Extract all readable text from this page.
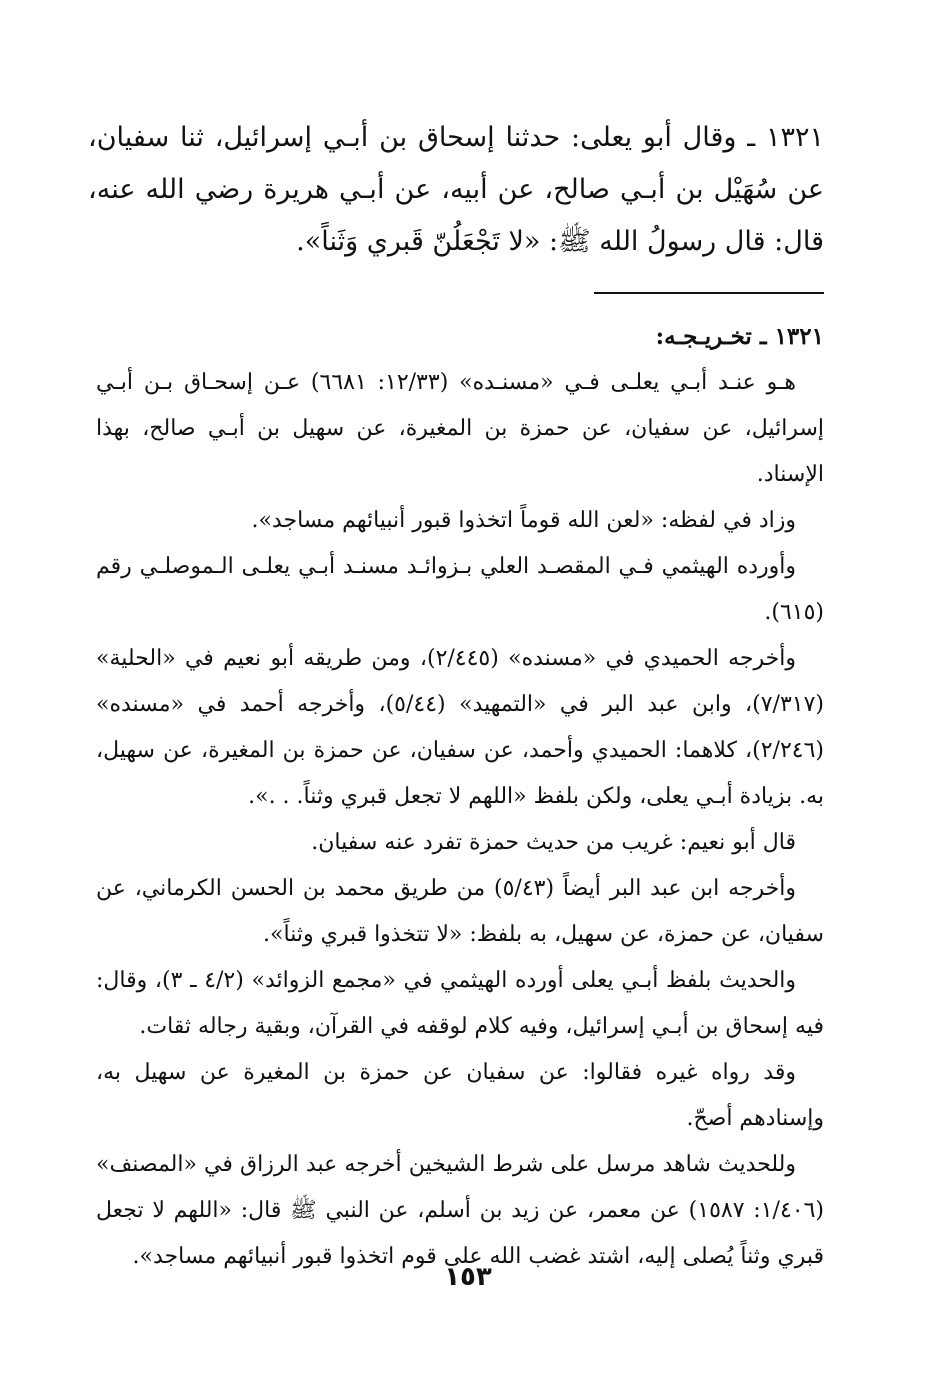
١٣٢١ ـ وقال أبو يعلى: حدثنا إسحاق بن أبـي إسرائيل، ثنا سفيان، عن سُهَيْل بن أبـي صالح، عن أبيه، عن أبـي هريرة رضي الله عنه، قال: قال رسولُ الله ﷺ: «لا تَجْعَلُنّ قَبري وَثَناً».

١٣٢١ ـ تخـريـجـه:

هـو عنـد أبـي يعلـى فـي «مسنـده» (١٢/٣٣: ٦٦٨١) عـن إسحـاق بـن أبـي إسرائيل، عن سفيان، عن حمزة بن المغيرة، عن سهيل بن أبـي صالح، بهذا الإسناد.

وزاد في لفظه: «لعن الله قوماً اتخذوا قبور أنبيائهم مساجد».

وأورده الهيثمي فـي المقصـد العلي بـزوائـد مسنـد أبـي يعلـى الـموصلـي رقم (٦١٥).

وأخرجه الحميدي في «مسنده» (٢/٤٤٥)، ومن طريقه أبو نعيم في «الحلية» (٧/٣١٧)، وابن عبد البر في «التمهيد» (٥/٤٤)، وأخرجه أحمد في «مسنده» (٢/٢٤٦)، كلاهما: الحميدي وأحمد، عن سفيان، عن حمزة بن المغيرة، عن سهيل، به. بزيادة أبـي يعلى، ولكن بلفظ «اللهم لا تجعل قبري وثناً. . .».

قال أبو نعيم: غريب من حديث حمزة تفرد عنه سفيان.

وأخرجه ابن عبد البر أيضاً (٥/٤٣) من طريق محمد بن الحسن الكرماني، عن سفيان، عن حمزة، عن سهيل، به بلفظ: «لا تتخذوا قبري وثناً».

والحديث بلفظ أبـي يعلى أورده الهيثمي في «مجمع الزوائد» (٤/٢ ـ ٣)، وقال: فيه إسحاق بن أبـي إسرائيل، وفيه كلام لوقفه في القرآن، وبقية رجاله ثقات.

وقد رواه غيره فقالوا: عن سفيان عن حمزة بن المغيرة عن سهيل به، وإسنادهم أصحّ.

وللحديث شاهد مرسل على شرط الشيخين أخرجه عبد الرزاق في «المصنف» (١/٤٠٦: ١٥٨٧) عن معمر، عن زيد بن أسلم، عن النبي ﷺ قال: «اللهم لا تجعل قبري وثناً يُصلى إليه، اشتد غضب الله على قوم اتخذوا قبور أنبيائهم مساجد».

١٥٣
